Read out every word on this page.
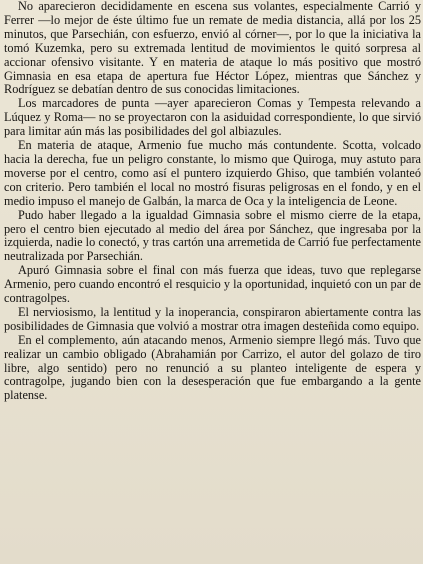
No aparecieron decididamente en escena sus volantes, especialmente Carrió y Ferrer —lo mejor de éste último fue un remate de media distancia, allá por los 25 minutos, que Parsechián, con esfuerzo, envió al córner—, por lo que la iniciativa la tomó Kuzemka, pero su extremada lentitud de movimientos le quitó sorpresa al accionar ofensivo visitante. Y en materia de ataque lo más positivo que mostró Gimnasia en esa etapa de apertura fue Héctor López, mientras que Sánchez y Rodríguez se debatían dentro de sus conocidas limitaciones.

Los marcadores de punta —ayer aparecieron Comas y Tempesta relevando a Lúquez y Roma— no se proyectaron con la asiduidad correspondiente, lo que sirvió para limitar aún más las posibilidades del gol albiazules.

En materia de ataque, Armenio fue mucho más contundente. Scotta, volcado hacia la derecha, fue un peligro constante, lo mismo que Quiroga, muy astuto para moverse por el centro, como así el puntero izquierdo Ghiso, que también volanteó con criterio. Pero también el local no mostró fisuras peligrosas en el fondo, y en el medio impuso el manejo de Galbán, la marca de Oca y la inteligencia de Leone.

Pudo haber llegado a la igualdad Gimnasia sobre el mismo cierre de la etapa, pero el centro bien ejecutado al medio del área por Sánchez, que ingresaba por la izquierda, nadie lo conectó, y tras cartón una arremetida de Carrió fue perfectamente neutralizada por Parsechián.

Apuró Gimnasia sobre el final con más fuerza que ideas, tuvo que replegarse Armenio, pero cuando encontró el resquicio y la oportunidad, inquietó con un par de contragolpes.

El nerviosismo, la lentitud y la inoperancia, conspiraron abiertamente contra las posibilidades de Gimnasia que volvió a mostrar otra imagen desteñida como equipo.

En el complemento, aún atacando menos, Armenio siempre llegó más. Tuvo que realizar un cambio obligado (Abrahamián por Carrizo, el autor del golazo de tiro libre, algo sentido) pero no renunció a su planteo inteligente de espera y contragolpe, jugando bien con la desesperación que fue embargando a la gente platense.
